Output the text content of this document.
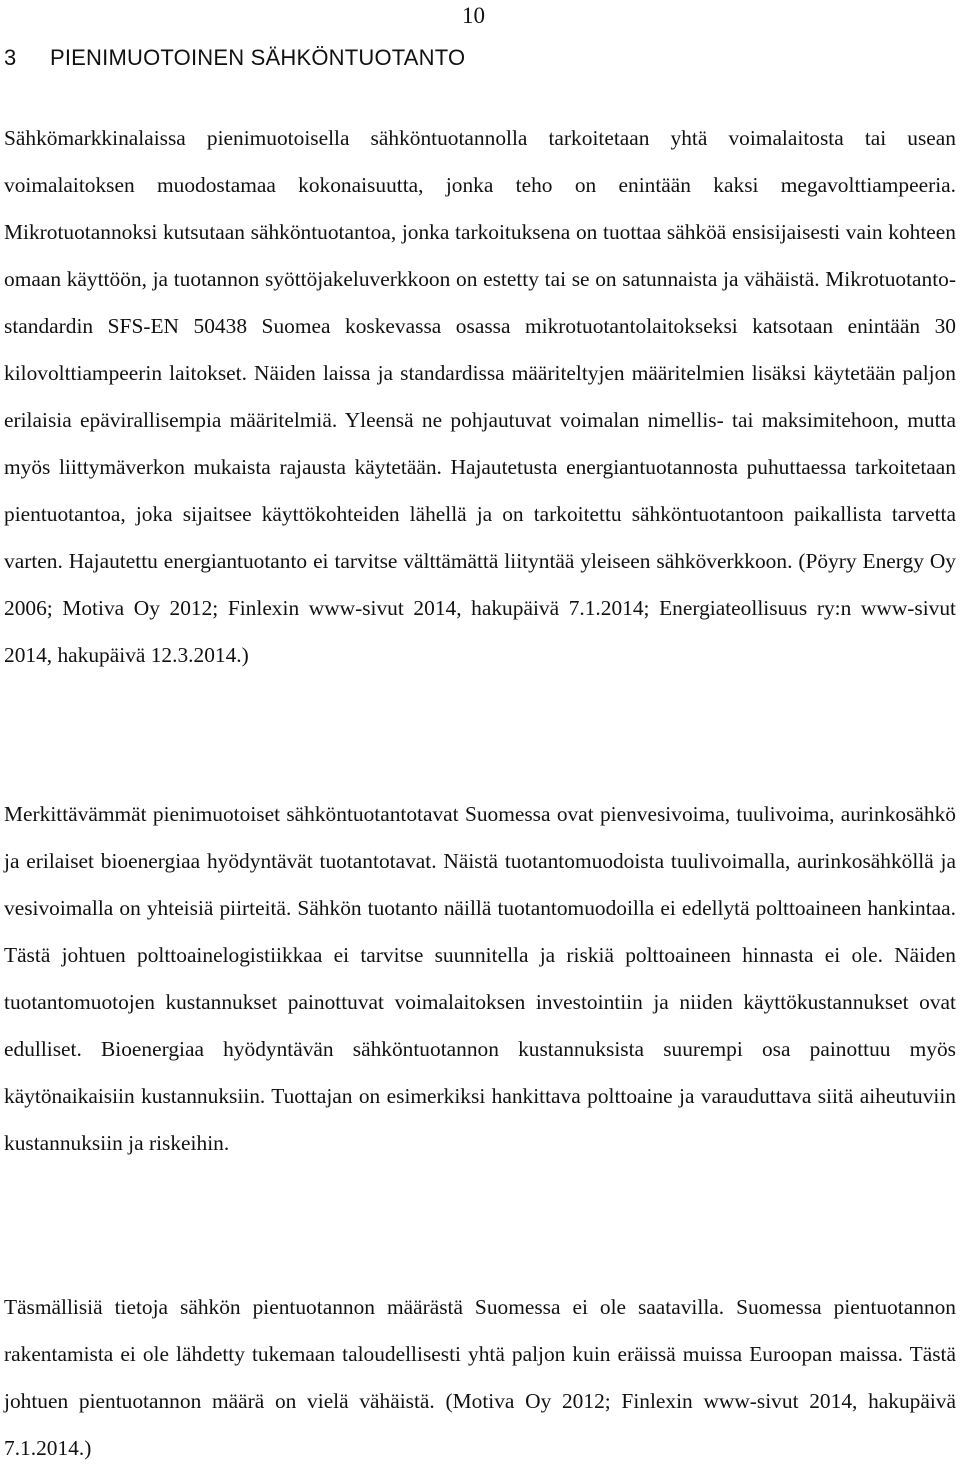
10
3 PIENIMUOTOINEN SÄHKÖNTUOTANTO

Sähkömarkkinalaissa pienimuotoisella sähköntuotannolla tarkoitetaan yhtä voimalaitosta tai usean voimalaitoksen muodostamaa kokonaisuutta, jonka teho on enintään kaksi megavolttiampeeria. Mikrotuotannoksi kutsutaan sähköntuotantoa, jonka tarkoituksena on tuottaa sähköä ensisijaisesti vain kohteen omaan käyttöön, ja tuotannon syöttöjakeluverkkoon on estetty tai se on satunnaista ja vähäistä. Mikrotuotanto-standardin SFS-EN 50438 Suomea koskevassa osassa mikrotuotantolaitokseksi katsotaan enintään 30 kilovolttiampeerin laitokset. Näiden laissa ja standardissa määriteltyjen määritelmien lisäksi käytetään paljon erilaisia epävirallisempia määritelmiä. Yleensä ne pohjautuvat voimalan nimellis- tai maksimitehoon, mutta myös liittymäverkon mukaista rajausta käytetään. Hajautetusta energiantuotannosta puhuttaessa tarkoitetaan pientuotantoa, joka sijaitsee käyttökohteiden lähellä ja on tarkoitettu sähköntuotantoon paikallista tarvetta varten. Hajautettu energiantuotanto ei tarvitse välttämättä liityntää yleiseen sähköverkkoon. (Pöyry Energy Oy 2006; Motiva Oy 2012; Finlexin www-sivut 2014, hakupäivä 7.1.2014; Energiateollisuus ry:n www-sivut 2014, hakupäivä 12.3.2014.)

Merkittävämmät pienimuotoiset sähköntuotantotavat Suomessa ovat pienvesivoima, tuulivoima, aurinkosähkö ja erilaiset bioenergiaa hyödyntävät tuotantotavat. Näistä tuotantomuodoista tuulivoimalla, aurinkosähköllä ja vesivoimalla on yhteisiä piirteitä. Sähkön tuotanto näillä tuotantomuodoilla ei edellytä polttoaineen hankintaa. Tästä johtuen polttoainelogistiikkaa ei tarvitse suunnitella ja riskiä polttoaineen hinnasta ei ole. Näiden tuotantomuotojen kustannukset painottuvat voimalaitoksen investointiin ja niiden käyttökustannukset ovat edulliset. Bioenergiaa hyödyntävän sähköntuotannon kustannuksista suurempi osa painottuu myös käytönaikaisiin kustannuksiin. Tuottajan on esimerkiksi hankittava polttoaine ja varauduttava siitä aiheutuviin kustannuksiin ja riskeihin.

Täsmällisiä tietoja sähkön pientuotannon määrästä Suomessa ei ole saatavilla. Suomessa pientuotannon rakentamista ei ole lähdetty tukemaan taloudellisesti yhtä paljon kuin eräissä muissa Euroopan maissa. Tästä johtuen pientuotannon määrä on vielä vähäistä. (Motiva Oy 2012; Finlexin www-sivut 2014, hakupäivä 7.1.2014.)
